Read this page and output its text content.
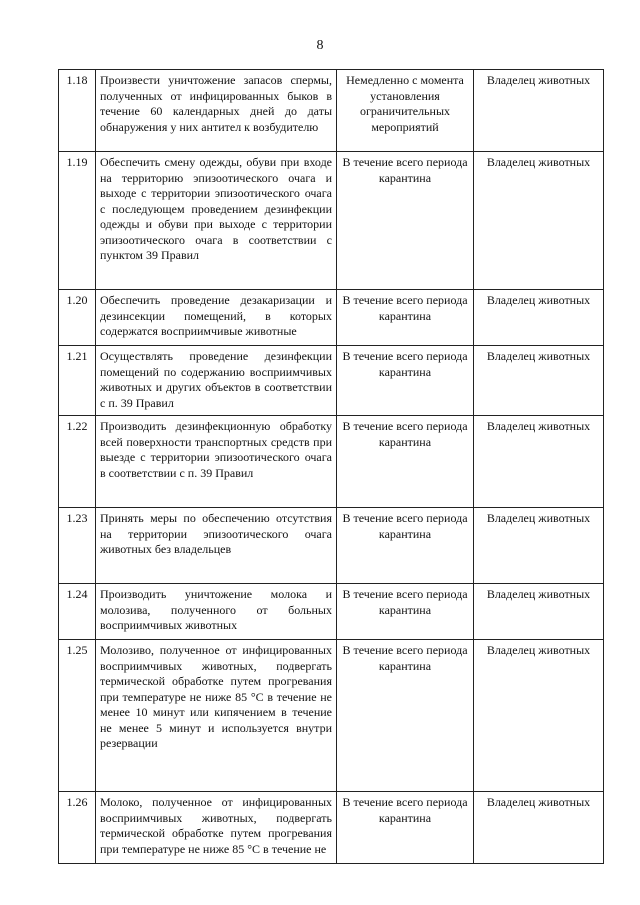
8
1.18	Произвести уничтожение запасов спермы, полученных от инфицированных быков в течение 60 календарных дней до даты обнаружения у них антител к возбудителю	Немедленно с момента установления ограничительных мероприятий	Владелец животных
1.19	Обеспечить смену одежды, обуви при входе на территорию эпизоотического очага и выходе с территории эпизоотического очага с последующем проведением дезинфекции одежды и обуви при выходе с территории эпизоотического очага в соответствии с пунктом 39 Правил	В течение всего периода карантина	Владелец животных
1.20	Обеспечить проведение дезакаризации и дезинсекции помещений, в которых содержатся восприимчивые животные	В течение всего периода карантина	Владелец животных
1.21	Осуществлять проведение дезинфекции помещений по содержанию восприимчивых животных и других объектов в соответствии с п. 39 Правил	В течение всего периода карантина	Владелец животных
1.22	Производить дезинфекционную обработку всей поверхности транспортных средств при выезде с территории эпизоотического очага в соответствии с п. 39 Правил	В течение всего периода карантина	Владелец животных
1.23	Принять меры по обеспечению отсутствия на территории эпизоотического очага животных без владельцев	В течение всего периода карантина	Владелец животных
1.24	Производить уничтожение молока и молозива, полученного от больных восприимчивых животных	В течение всего периода карантина	Владелец животных
1.25	Молозиво, полученное от инфицированных восприимчивых животных, подвергать термической обработке путем прогревания при температуре не ниже 85 °С в течение не менее 10 минут или кипячением в течение не менее 5 минут и используется внутри резервации	В течение всего периода карантина	Владелец животных
1.26	Молоко, полученное от инфицированных восприимчивых животных, подвергать термической обработке путем прогревания при температуре не ниже 85 °С в течение не	В течение всего периода карантина	Владелец животных
